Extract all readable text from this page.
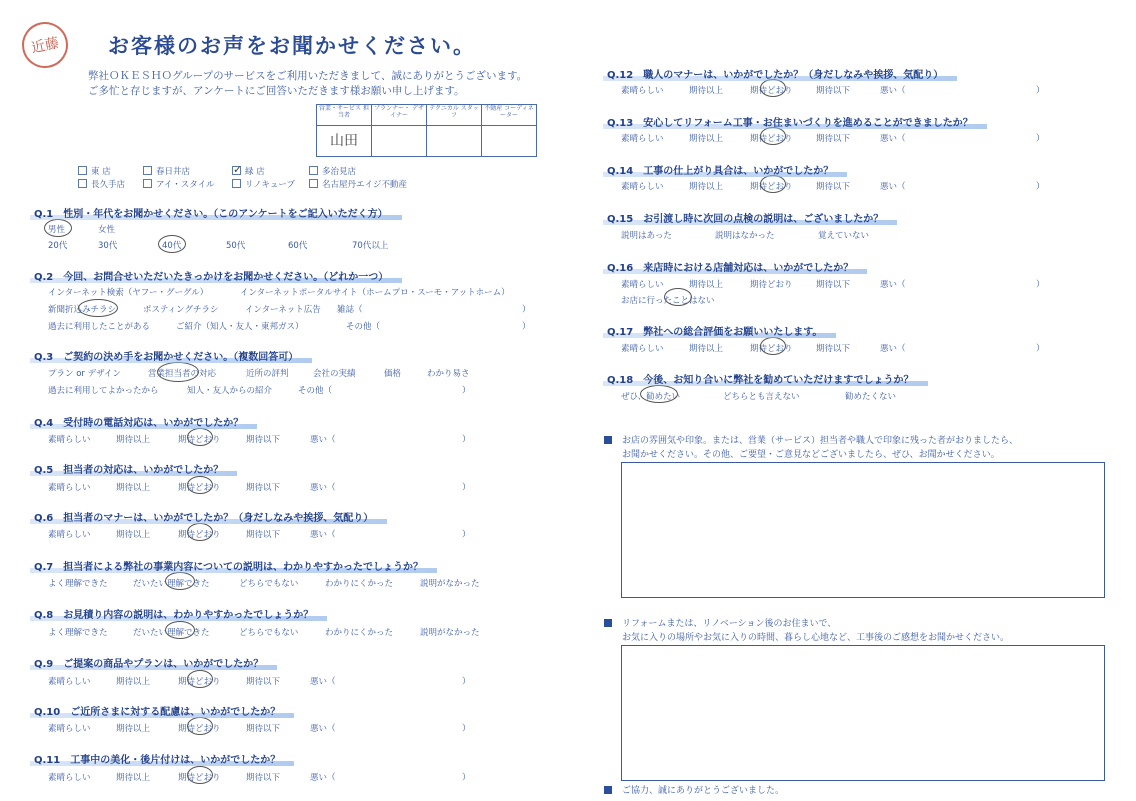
近藤 お客様のお声をお聞かせください。
弊社ＯＫＥＳＨＯグループのサービスをご利用いただきまして、誠にありがとうございます。
ご多忙と存じますが、アンケートにご回答いただきます様お願い申し上げます。
営業・サービス 担当者	プランナー・ デザイナー	テクニカル スタッフ	不動産 コーディネーター
山田			
東 店	春日井店	✓ 緑 店	多治見店
長久手店	アイ・スタイル	リノキューブ	名古屋丹エイジ不動産
Q.1　性別・年代をお聞かせください。（このアンケートをご記入いただく方）
男性	女性
20代	30代	40代	50代	60代	70代以上
Q.2　今回、お問合せいただいたきっかけをお聞かせください。（どれか一つ）
インターネット検索（ヤフー・グーグル）	インターネットポータルサイト（ホームプロ・スーモ・アットホーム）
新聞折込みチラシ	ポスティングチラシ	インターネット広告 雑誌（	）
過去に利用したことがある	ご紹介（知人・友人・東邦ガス）	その他（	）
Q.3　ご契約の決め手をお聞かせください。（複数回答可）
プラン or デザイン	営業担当者の対応	近所の評判	会社の実績	価格	わかり易さ
過去に利用してよかったから	知人・友人からの紹介	その他（	）
Q.4　受付時の電話対応は、いかがでしたか？
素晴らしい	期待以上	期待どおり	期待以下	悪い（	）
Q.5　担当者の対応は、いかがでしたか？
素晴らしい	期待以上	期待どおり	期待以下	悪い（	）
Q.6　担当者のマナーは、いかがでしたか？（身だしなみや挨拶、気配り）
素晴らしい	期待以上	期待どおり	期待以下	悪い（	）
Q.7　担当者による弊社の事業内容についての説明は、わかりやすかったでしょうか？
よく理解できた	だいたい理解できた	どちらでもない	わかりにくかった	説明がなかった
Q.8　お見積り内容の説明は、わかりやすかったでしょうか？
よく理解できた	だいたい理解できた	どちらでもない	わかりにくかった	説明がなかった
Q.9　ご提案の商品やプランは、いかがでしたか？
素晴らしい	期待以上	期待どおり	期待以下	悪い（	）
Q.10　ご近所さまに対する配慮は、いかがでしたか？
素晴らしい	期待以上	期待どおり	期待以下	悪い（	）
Q.11　工事中の美化・後片付けは、いかがでしたか？
素晴らしい	期待以上	期待どおり	期待以下	悪い（	）
Q.12　職人のマナーは、いかがでしたか？（身だしなみや挨拶、気配り）
素晴らしい	期待以上	期待どおり	期待以下	悪い（	）
Q.13　安心してリフォーム工事・お住まいづくりを進めることができましたか？
素晴らしい	期待以上	期待どおり	期待以下	悪い（	）
Q.14　工事の仕上がり具合は、いかがでしたか？
素晴らしい	期待以上	期待どおり	期待以下	悪い（	）
Q.15　お引渡し時に次回の点検の説明は、ございましたか？
説明はあった	説明はなかった	覚えていない
Q.16　来店時における店舗対応は、いかがでしたか？
素晴らしい	期待以上	期待どおり	期待以下	悪い（	）
お店に行ったことはない
Q.17　弊社への総合評価をお願いいたします。
素晴らしい	期待以上	期待どおり	期待以下	悪い（	）
Q.18　今後、お知り合いに弊社を勧めていただけますでしょうか？
ぜひ、勧めたい	どちらとも言えない	勧めたくない
お店の雰囲気や印象。または、営業（サービス）担当者や職人で印象に残った者がおりましたら、
お聞かせください。その他、ご要望・ご意見などございましたら、ぜひ、お聞かせください。
リフォームまたは、リノベーション後のお住まいで、
お気に入りの場所やお気に入りの時間、暮らし心地など、工事後のご感想をお聞かせください。
ご協力、誠にありがとうございました。
